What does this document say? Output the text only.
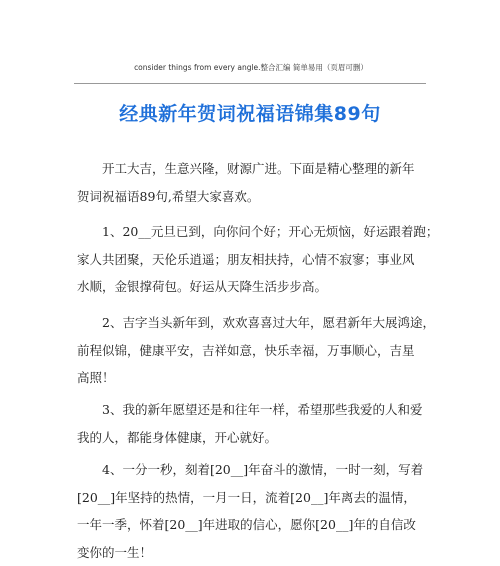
consider things from every angle.整合汇编 简单易用（页眉可删）
经典新年贺词祝福语锦集89句
开工大吉，生意兴隆，财源广进。下面是精心整理的新年
贺词祝福语89句,希望大家喜欢。
1、20__元旦已到，向你问个好；开心无烦恼，好运跟着跑；
家人共团聚，天伦乐逍遥；朋友相扶持，心情不寂寥；事业风
水顺，金银撑荷包。好运从天降生活步步高。
2、吉字当头新年到，欢欢喜喜过大年，愿君新年大展鸿途，
前程似锦，健康平安，吉祥如意，快乐幸福，万事顺心，吉星
高照！
3、我的新年愿望还是和往年一样，希望那些我爱的人和爱
我的人，都能身体健康，开心就好。
4、一分一秒，刻着[20__]年奋斗的激情，一时一刻，写着
[20__]年坚持的热情，一月一日，流着[20__]年离去的温情，
一年一季，怀着[20__]年进取的信心，愿你[20__]年的自信改
变你的一生！
